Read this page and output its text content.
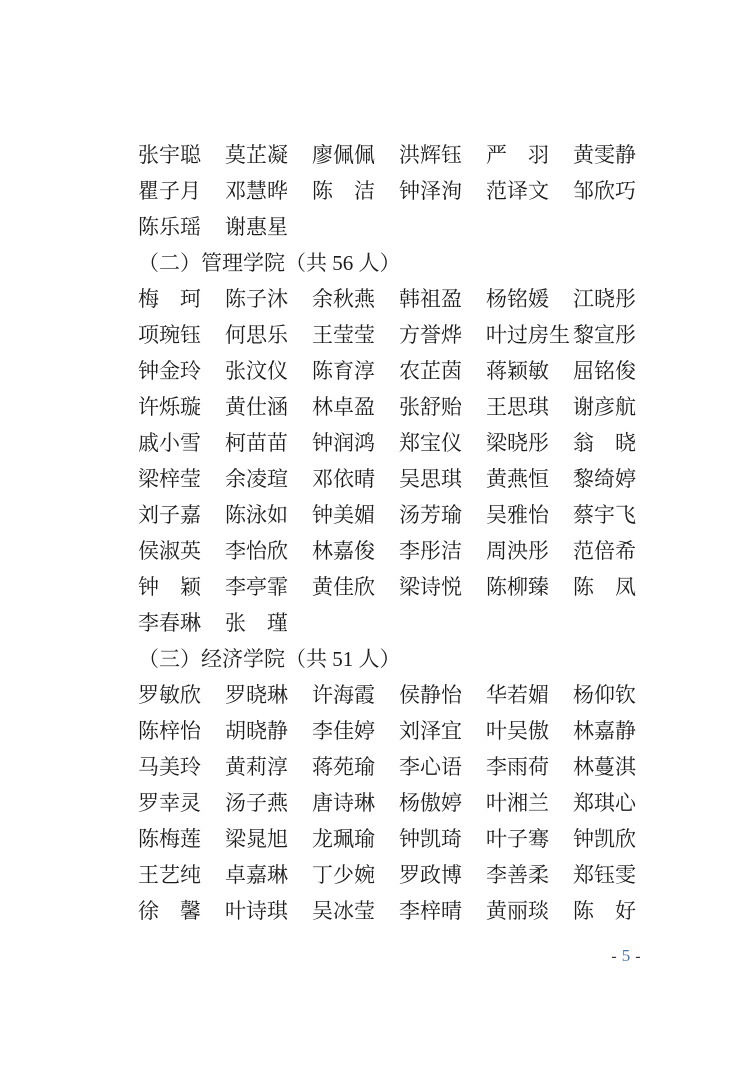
张宇聪	莫芷凝	廖佩佩	洪辉钰	严　羽	黄雯静
瞿子月	邓慧晔	陈　洁	钟泽洵	范译文	邹欣巧
陈乐瑶	谢惠星
（二）管理学院（共 56 人）
梅　珂	陈子沐	余秋燕	韩祖盈	杨铭媛	江晓彤
项琬钰	何思乐	王莹莹	方誉烨	叶过房生 黎宣彤
钟金玲	张汶仪	陈育淳	农芷茵	蒋颖敏	屈铭俊
许烁璇	黄仕涵	林卓盈	张舒贻	王思琪	谢彦航
戚小雪	柯苗苗	钟润鸿	郑宝仪	梁晓彤	翁　晓
梁梓莹	余凌瑄	邓依晴	吴思琪	黄燕恒	黎绮婷
刘子嘉	陈泳如	钟美媚	汤芳瑜	吴雅怡	蔡宇飞
侯淑英	李怡欣	林嘉俊	李彤洁	周泱彤	范倍希
钟　颖	李亭霏	黄佳欣	梁诗悦	陈柳臻	陈　凤
李春琳	张　瑾
（三）经济学院（共 51 人）
罗敏欣	罗晓琳	许海霞	侯静怡	华若媚	杨仰钦
陈梓怡	胡晓静	李佳婷	刘泽宜	叶吴傲	林嘉静
马美玲	黄莉淳	蒋苑瑜	李心语	李雨荷	林蔓淇
罗幸灵	汤子燕	唐诗琳	杨傲婷	叶湘兰	郑琪心
陈梅莲	梁晁旭	龙珮瑜	钟凯琦	叶子骞	钟凯欣
王艺纯	卓嘉琳	丁少婉	罗政博	李善柔	郑钰雯
徐　馨	叶诗琪	吴冰莹	李梓晴	黄丽琰	陈　好
- 5 -
